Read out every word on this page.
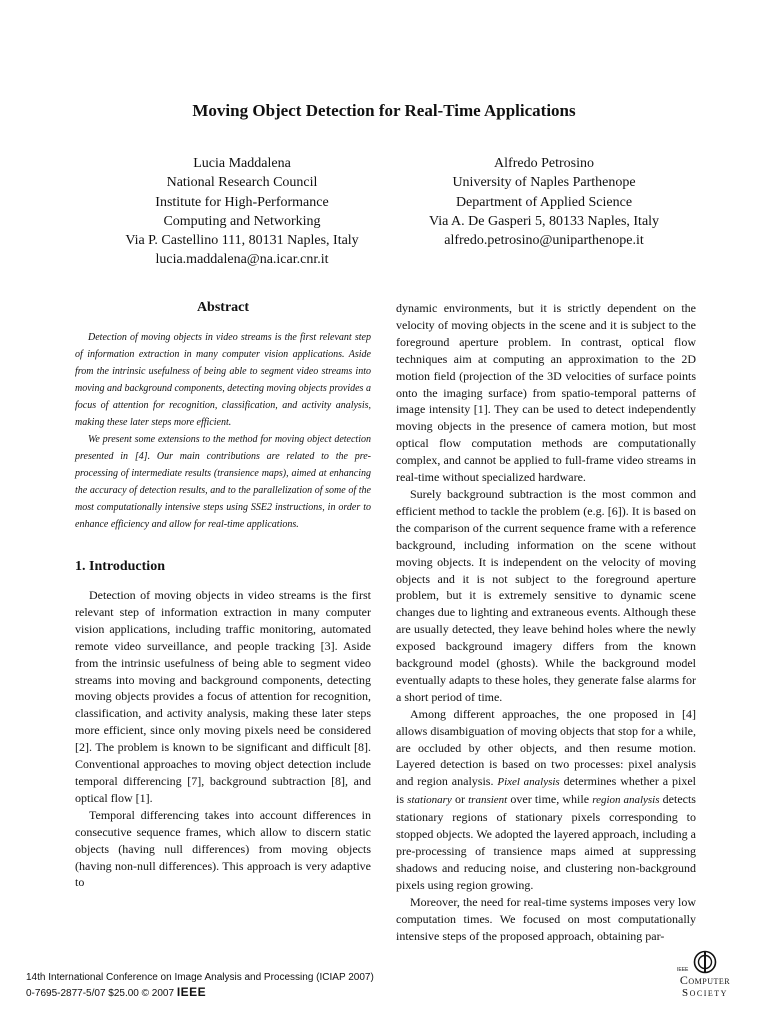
Moving Object Detection for Real-Time Applications
Lucia Maddalena
National Research Council
Institute for High-Performance
Computing and Networking
Via P. Castellino 111, 80131 Naples, Italy
lucia.maddalena@na.icar.cnr.it
Alfredo Petrosino
University of Naples Parthenope
Department of Applied Science
Via A. De Gasperi 5, 80133 Naples, Italy
alfredo.petrosino@uniparthenope.it
Abstract

Detection of moving objects in video streams is the first relevant step of information extraction in many computer vision applications. Aside from the intrinsic usefulness of being able to segment video streams into moving and background components, detecting moving objects provides a focus of attention for recognition, classification, and activity analysis, making these later steps more efficient.

We present some extensions to the method for moving object detection presented in [4]. Our main contributions are related to the pre-processing of intermediate results (transience maps), aimed at enhancing the accuracy of detection results, and to the parallelization of some of the most computationally intensive steps using SSE2 instructions, in order to enhance efficiency and allow for real-time applications.

1. Introduction

Detection of moving objects in video streams is the first relevant step of information extraction in many computer vision applications, including traffic monitoring, automated remote video surveillance, and people tracking [3]. Aside from the intrinsic usefulness of being able to segment video streams into moving and background components, detecting moving objects provides a focus of attention for recognition, classification, and activity analysis, making these later steps more efficient, since only moving pixels need be considered [2]. The problem is known to be significant and difficult [8]. Conventional approaches to moving object detection include temporal differencing [7], background subtraction [8], and optical flow [1].

Temporal differencing takes into account differences in consecutive sequence frames, which allow to discern static objects (having null differences) from moving objects (having non-null differences). This approach is very adaptive to

dynamic environments, but it is strictly dependent on the velocity of moving objects in the scene and it is subject to the foreground aperture problem. In contrast, optical flow techniques aim at computing an approximation to the 2D motion field (projection of the 3D velocities of surface points onto the imaging surface) from spatio-temporal patterns of image intensity [1]. They can be used to detect independently moving objects in the presence of camera motion, but most optical flow computation methods are computationally complex, and cannot be applied to full-frame video streams in real-time without specialized hardware.

Surely background subtraction is the most common and efficient method to tackle the problem (e.g. [6]). It is based on the comparison of the current sequence frame with a reference background, including information on the scene without moving objects. It is independent on the velocity of moving objects and it is not subject to the foreground aperture problem, but it is extremely sensitive to dynamic scene changes due to lighting and extraneous events. Although these are usually detected, they leave behind holes where the newly exposed background imagery differs from the known background model (ghosts). While the background model eventually adapts to these holes, they generate false alarms for a short period of time.

Among different approaches, the one proposed in [4] allows disambiguation of moving objects that stop for a while, are occluded by other objects, and then resume motion. Layered detection is based on two processes: pixel analysis and region analysis. Pixel analysis determines whether a pixel is stationary or transient over time, while region analysis detects stationary regions of stationary pixels corresponding to stopped objects. We adopted the layered approach, including a pre-processing of transience maps aimed at suppressing shadows and reducing noise, and clustering non-background pixels using region growing.

Moreover, the need for real-time systems imposes very low computation times. We focused on most computationally intensive steps of the proposed approach, obtaining par-

14th International Conference on Image Analysis and Processing (ICIAP 2007)
0-7695-2877-5/07 $25.00 © 2007 IEEE
IEEE
Computer
Society
